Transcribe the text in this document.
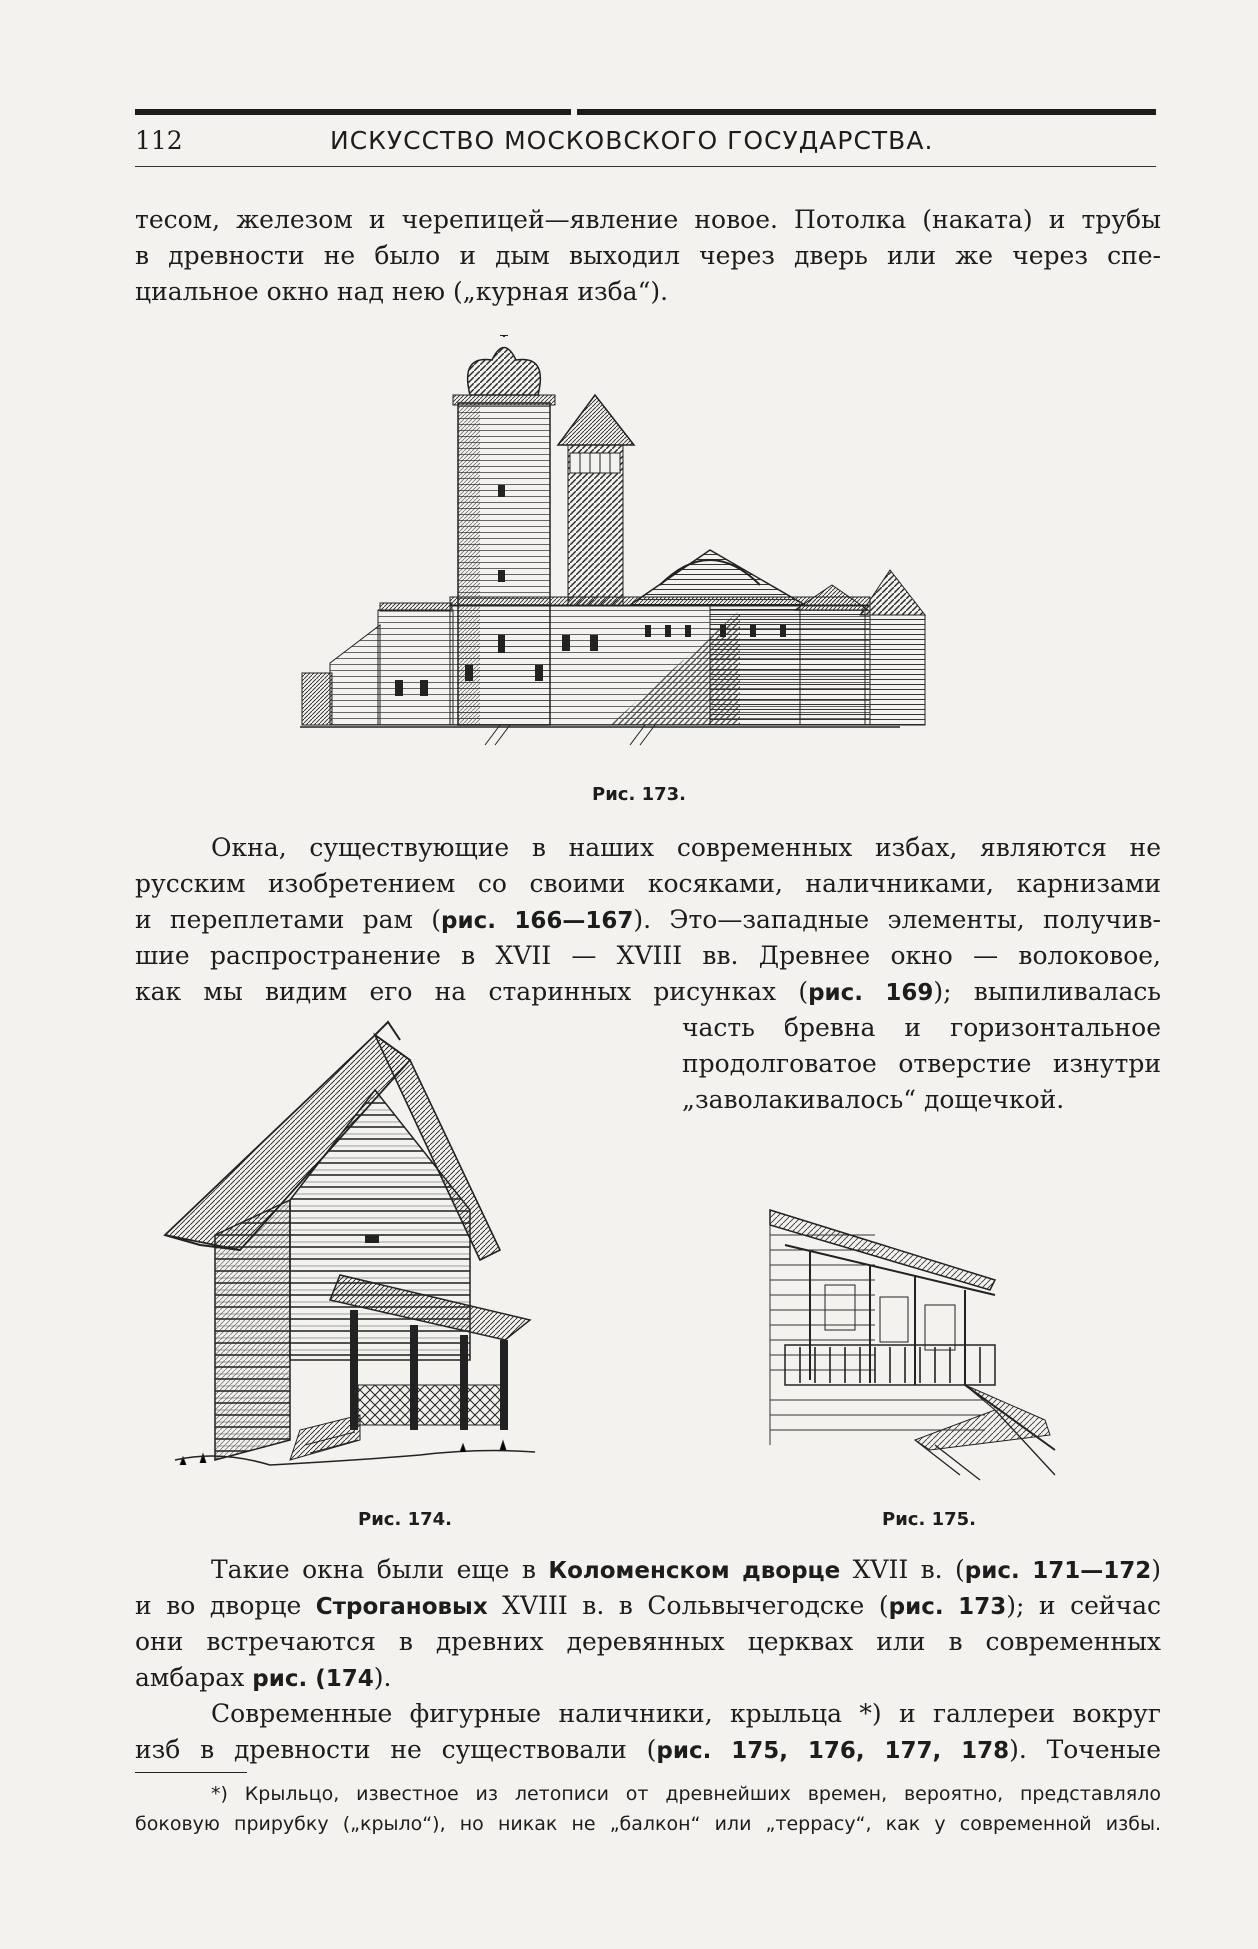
112	ИСКУССТВО МОСКОВСКОГО ГОСУДАРСТВА.
тесом, железом и черепицей—явление новое. Потолка (наката) и трубы
в древности не было и дым выходил через дверь или же через спе-
циальное окно над нею („курная изба“).
Рис. 173.
Окна, существующие в наших современных избах, являются не
русским изобретением со своими косяками, наличниками, карнизами
и переплетами рам (рис. 166—167). Это—западные элементы, получив-
шие распространение в XVII — XVIII вв. Древнее окно — волоковое,
как мы видим его на старинных рисунках (рис. 169); выпиливалась
часть бревна и горизонтальное
продолговатое отверстие изнутри
„заволакивалось“ дощечкой.
Рис. 174.	Рис. 175.
Такие окна были еще в Коломенском дворце XVII в. (рис. 171—172)
и во дворце Строгановых XVIII в. в Сольвычегодске (рис. 173); и сейчас
они встречаются в древних деревянных церквах или в современных
амбарах рис. (174).
Современные фигурные наличники, крыльца *) и галлереи вокруг
изб в древности не существовали (рис. 175, 176, 177, 178). Точеные
*) Крыльцо, известное из летописи от древнейших времен, вероятно, представляло
боковую прирубку („крыло“), но никак не „балкон“ или „террасу“, как у современной избы.
